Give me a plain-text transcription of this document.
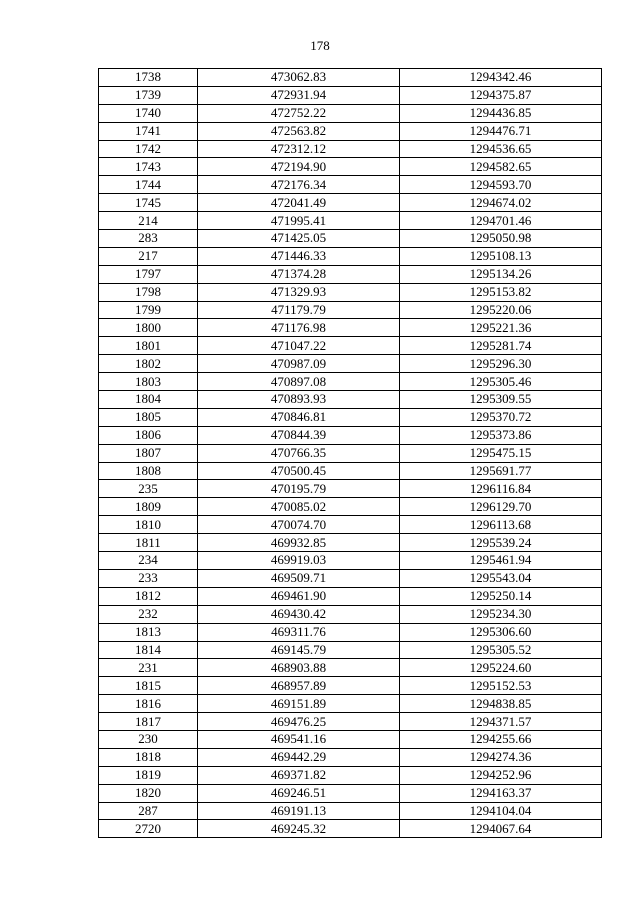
178
1738	473062.83	1294342.46
1739	472931.94	1294375.87
1740	472752.22	1294436.85
1741	472563.82	1294476.71
1742	472312.12	1294536.65
1743	472194.90	1294582.65
1744	472176.34	1294593.70
1745	472041.49	1294674.02
214	471995.41	1294701.46
283	471425.05	1295050.98
217	471446.33	1295108.13
1797	471374.28	1295134.26
1798	471329.93	1295153.82
1799	471179.79	1295220.06
1800	471176.98	1295221.36
1801	471047.22	1295281.74
1802	470987.09	1295296.30
1803	470897.08	1295305.46
1804	470893.93	1295309.55
1805	470846.81	1295370.72
1806	470844.39	1295373.86
1807	470766.35	1295475.15
1808	470500.45	1295691.77
235	470195.79	1296116.84
1809	470085.02	1296129.70
1810	470074.70	1296113.68
1811	469932.85	1295539.24
234	469919.03	1295461.94
233	469509.71	1295543.04
1812	469461.90	1295250.14
232	469430.42	1295234.30
1813	469311.76	1295306.60
1814	469145.79	1295305.52
231	468903.88	1295224.60
1815	468957.89	1295152.53
1816	469151.89	1294838.85
1817	469476.25	1294371.57
230	469541.16	1294255.66
1818	469442.29	1294274.36
1819	469371.82	1294252.96
1820	469246.51	1294163.37
287	469191.13	1294104.04
2720	469245.32	1294067.64
